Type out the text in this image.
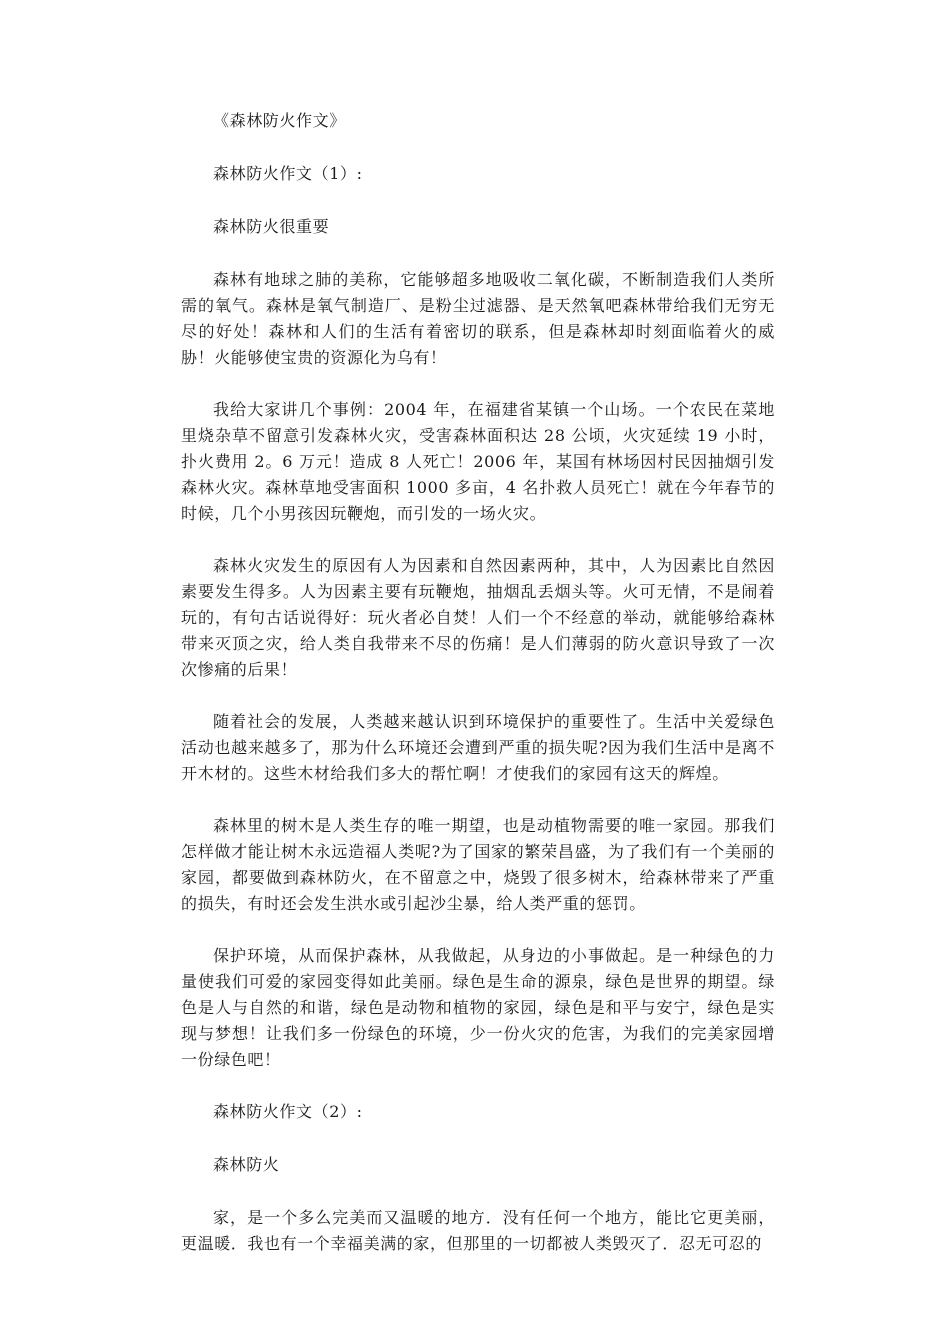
《森林防火作文》

森林防火作文（1）:

森林防火很重要

森林有地球之肺的美称，它能够超多地吸收二氧化碳，不断制造我们人类所需的氧气。森林是氧气制造厂、是粉尘过滤器、是天然氧吧森林带给我们无穷无尽的好处！森林和人们的生活有着密切的联系，但是森林却时刻面临着火的威胁！火能够使宝贵的资源化为乌有！

我给大家讲几个事例：2004 年，在福建省某镇一个山场。一个农民在菜地里烧杂草不留意引发森林火灾，受害森林面积达 28 公顷，火灾延续 19 小时，扑火费用 2。6 万元！造成 8 人死亡！2006 年，某国有林场因村民因抽烟引发森林火灾。森林草地受害面积 1000 多亩，4 名扑救人员死亡！就在今年春节的时候，几个小男孩因玩鞭炮，而引发的一场火灾。

森林火灾发生的原因有人为因素和自然因素两种，其中，人为因素比自然因素要发生得多。人为因素主要有玩鞭炮，抽烟乱丢烟头等。火可无情，不是闹着玩的，有句古话说得好：玩火者必自焚！人们一个不经意的举动，就能够给森林带来灭顶之灾，给人类自我带来不尽的伤痛！是人们薄弱的防火意识导致了一次次惨痛的后果！

随着社会的发展，人类越来越认识到环境保护的重要性了。生活中关爱绿色活动也越来越多了，那为什么环境还会遭到严重的损失呢?因为我们生活中是离不开木材的。这些木材给我们多大的帮忙啊！才使我们的家园有这天的辉煌。

森林里的树木是人类生存的唯一期望，也是动植物需要的唯一家园。那我们怎样做才能让树木永远造福人类呢?为了国家的繁荣昌盛，为了我们有一个美丽的家园，都要做到森林防火，在不留意之中，烧毁了很多树木，给森林带来了严重的损失，有时还会发生洪水或引起沙尘暴，给人类严重的惩罚。

保护环境，从而保护森林，从我做起，从身边的小事做起。是一种绿色的力量使我们可爱的家园变得如此美丽。绿色是生命的源泉，绿色是世界的期望。绿色是人与自然的和谐，绿色是动物和植物的家园，绿色是和平与安宁，绿色是实现与梦想！让我们多一份绿色的环境，少一份火灾的危害，为我们的完美家园增一份绿色吧！

森林防火作文（2）:

森林防火

家，是一个多么完美而又温暖的地方．没有任何一个地方，能比它更美丽，更温暖．我也有一个幸福美满的家，但那里的一切都被人类毁灭了．忍无可忍的
